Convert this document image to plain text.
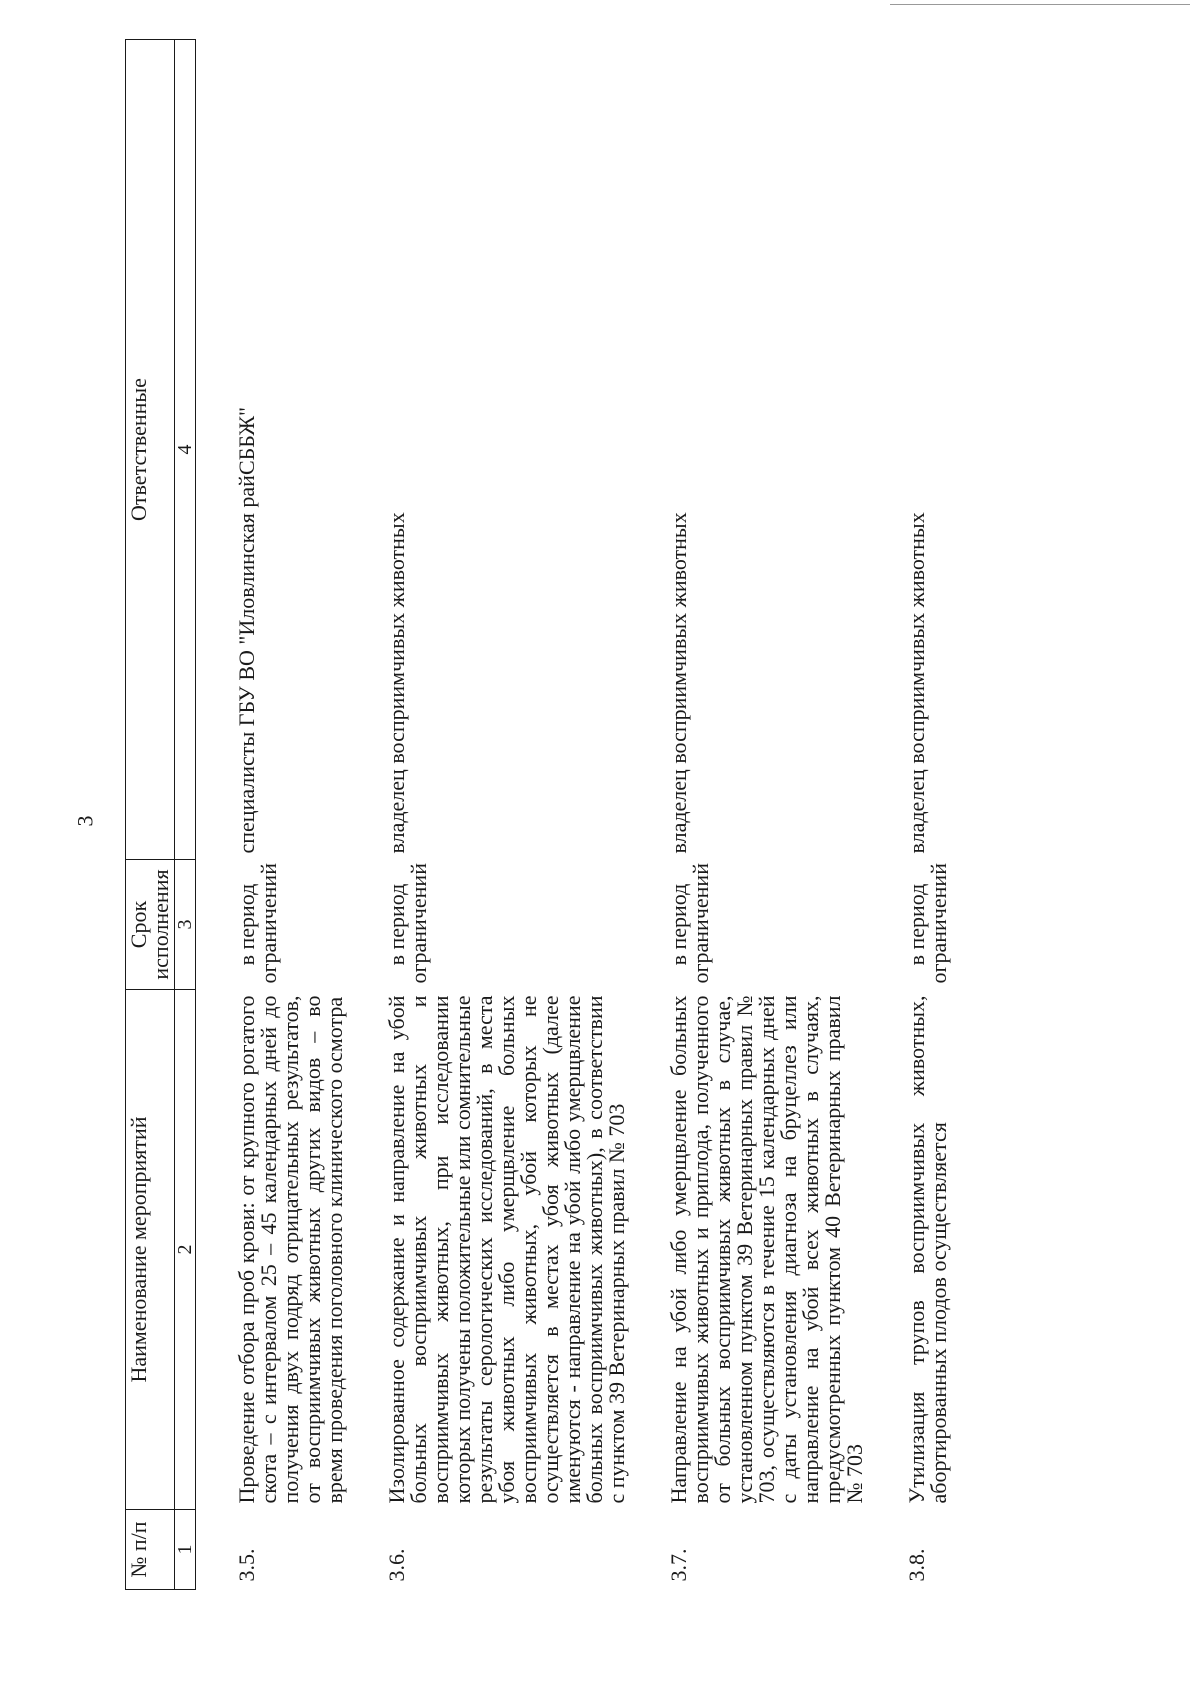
3
№ п/п	Наименование мероприятий	Срок исполнения	Ответственные
1	2	3	4
3.5.	Проведение отбора проб крови: от крупного рогатого скота – с интервалом 25 – 45 календарных дней до получения двух подряд отрицательных результатов, от восприимчивых животных других видов – во время проведения поголовного клинического осмотра	в период ограничений	специалисты ГБУ ВО "Иловлинская райСББЖ"
3.6.	Изолированное содержание и направление на убой больных восприимчивых животных и восприимчивых животных, при исследовании которых получены положительные или сомнительные результаты серологических исследований, в места убоя животных либо умерщвление больных восприимчивых животных, убой которых не осуществляется в местах убоя животных (далее именуются - направление на убой либо умерщвление больных восприимчивых животных), в соответствии с пунктом 39 Ветеринарных правил № 703	в период ограничений	владелец восприимчивых животных
3.7.	Направление на убой либо умерщвление больных восприимчивых животных и приплода, полученного от больных восприимчивых животных в случае, установленном пунктом 39 Ветеринарных правил № 703, осуществляются в течение 15 календарных дней с даты установления диагноза на бруцеллез или направление на убой всех животных в случаях, предусмотренных пунктом 40 Ветеринарных правил № 703	в период ограничений	владелец восприимчивых животных
3.8.	Утилизация трупов восприимчивых животных, абортированных плодов осуществляется	в период ограничений	владелец восприимчивых животных
